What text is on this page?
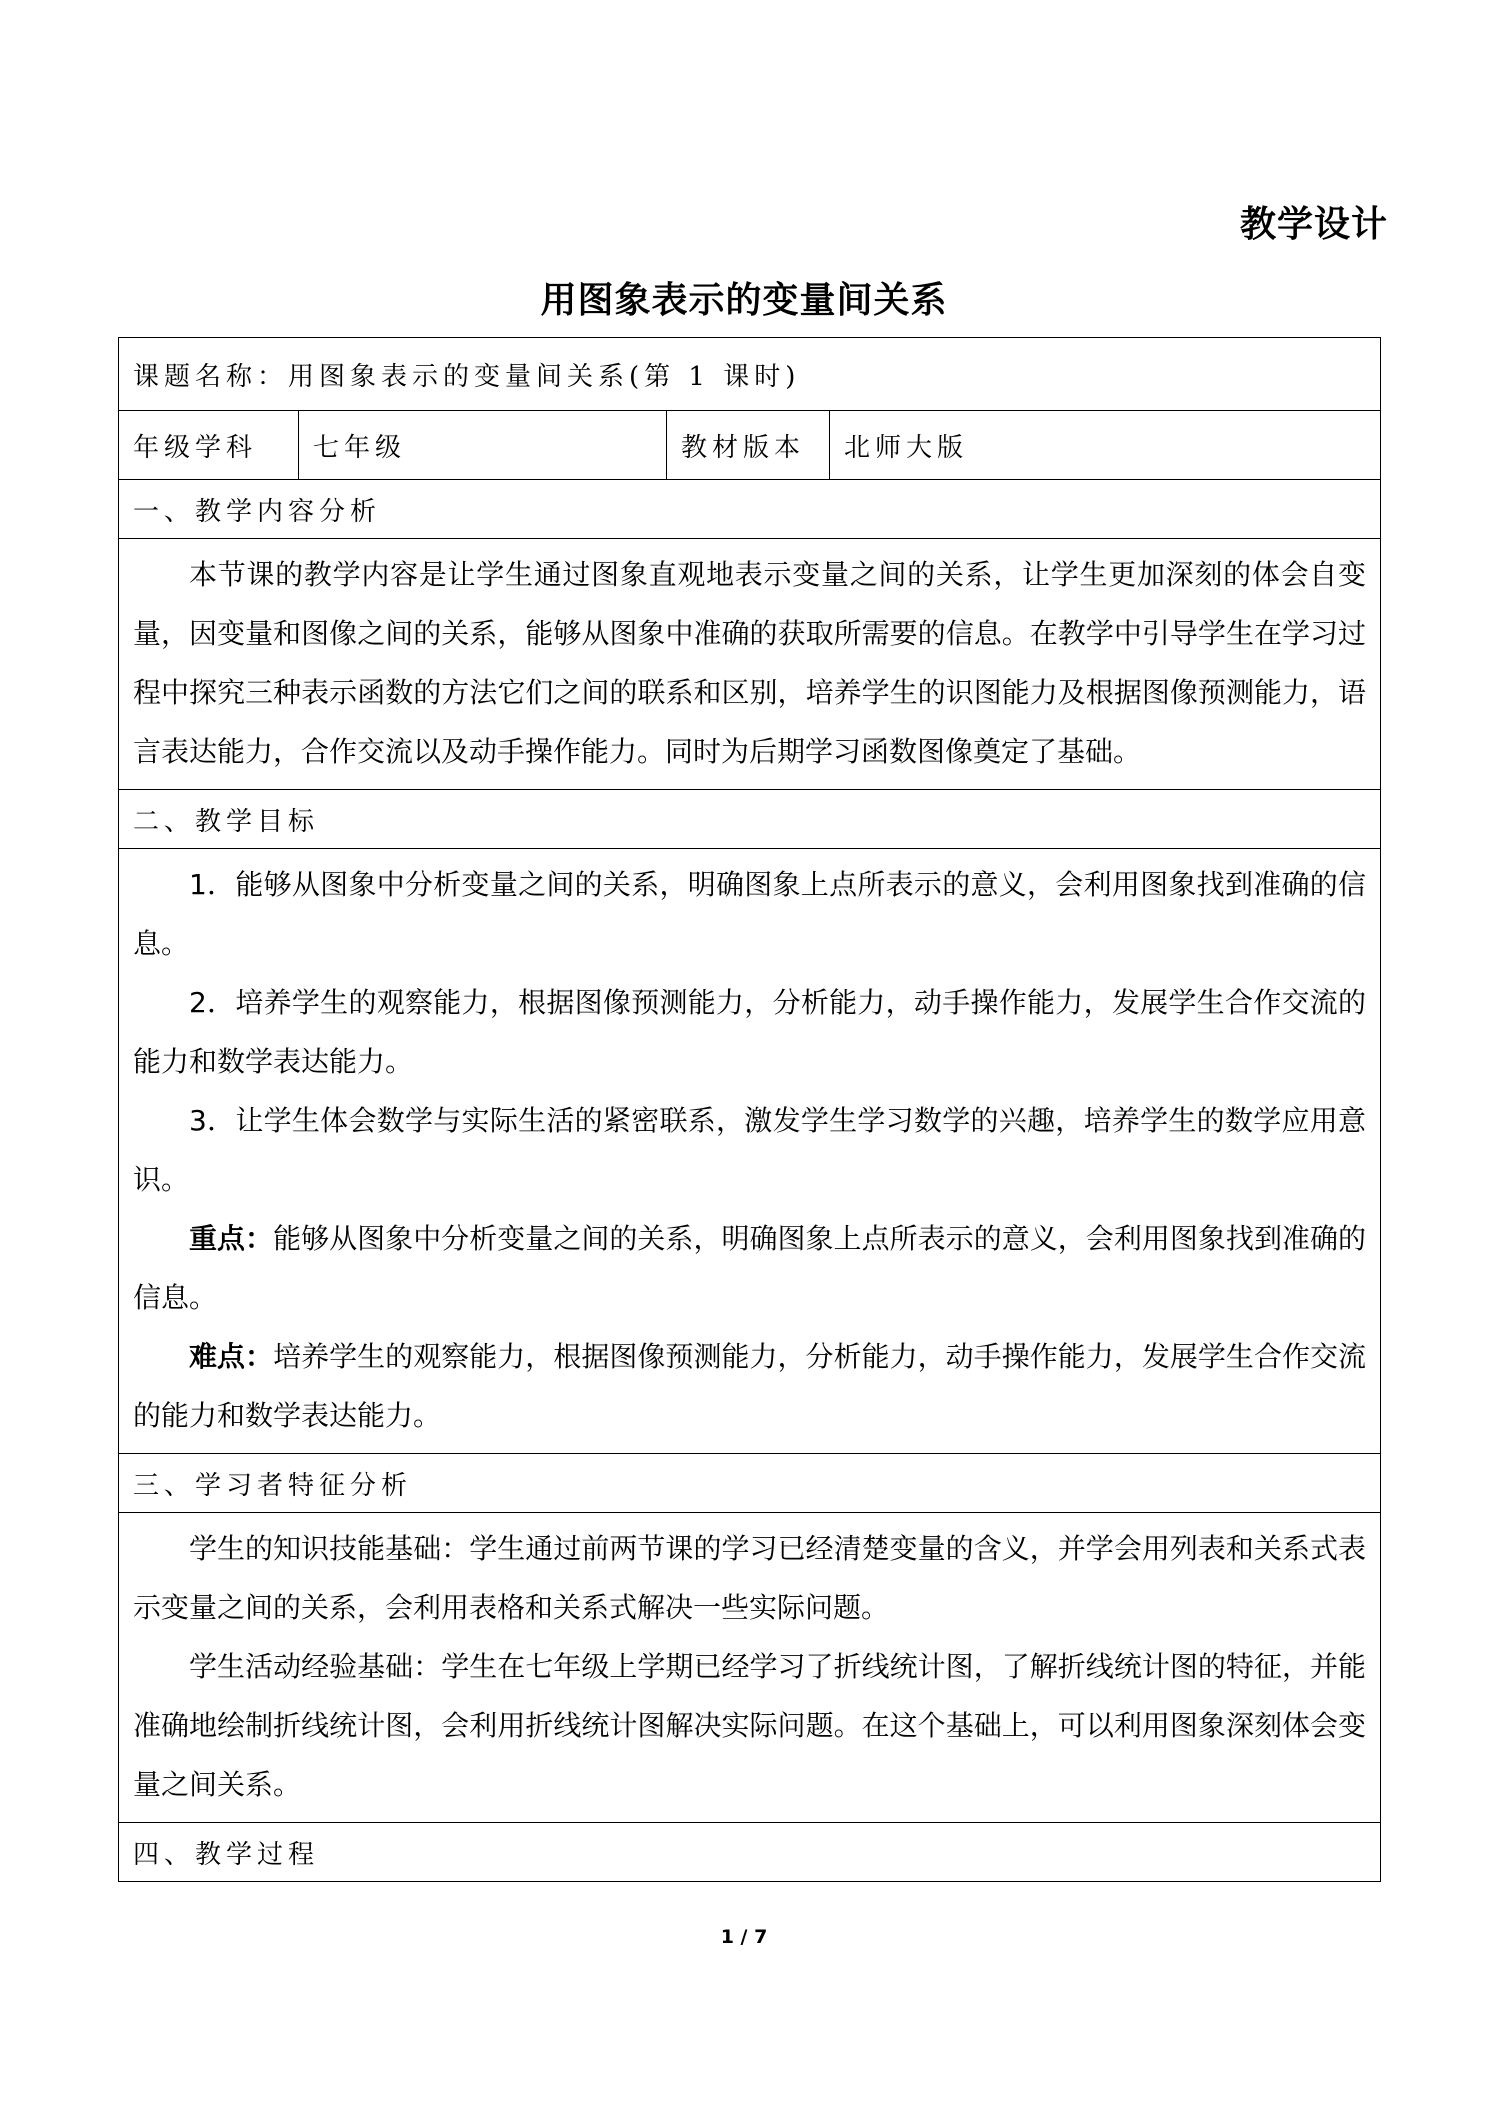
教学设计
用图象表示的变量间关系
课题名称：用图象表示的变量间关系(第 1 课时)
年级学科	七年级	教材版本	北师大版
一、教学内容分析

本节课的教学内容是让学生通过图象直观地表示变量之间的关系，让学生更加深刻的体会自变量，因变量和图像之间的关系，能够从图象中准确的获取所需要的信息。在教学中引导学生在学习过程中探究三种表示函数的方法它们之间的联系和区别，培养学生的识图能力及根据图像预测能力，语言表达能力，合作交流以及动手操作能力。同时为后期学习函数图像奠定了基础。

二、教学目标

1．能够从图象中分析变量之间的关系，明确图象上点所表示的意义，会利用图象找到准确的信息。

2．培养学生的观察能力，根据图像预测能力，分析能力，动手操作能力，发展学生合作交流的能力和数学表达能力。

3．让学生体会数学与实际生活的紧密联系，激发学生学习数学的兴趣，培养学生的数学应用意识。

重点：能够从图象中分析变量之间的关系，明确图象上点所表示的意义，会利用图象找到准确的信息。

难点：培养学生的观察能力，根据图像预测能力，分析能力，动手操作能力，发展学生合作交流的能力和数学表达能力。

三、学习者特征分析

学生的知识技能基础：学生通过前两节课的学习已经清楚变量的含义，并学会用列表和关系式表示变量之间的关系，会利用表格和关系式解决一些实际问题。

学生活动经验基础：学生在七年级上学期已经学习了折线统计图，了解折线统计图的特征，并能准确地绘制折线统计图，会利用折线统计图解决实际问题。在这个基础上，可以利用图象深刻体会变量之间关系。

四、教学过程
1 / 7
